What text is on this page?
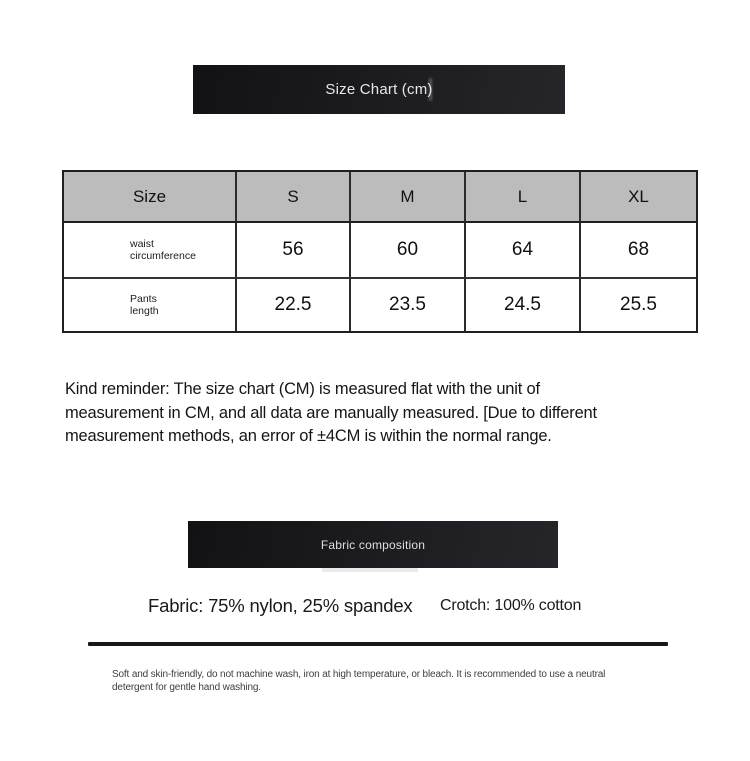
Size Chart (cm)
Size	S	M	L	XL
waist
circumference	56	60	64	68
Pants
length	22.5	23.5	24.5	25.5
Kind reminder: The size chart (CM) is measured flat with the unit of
measurement in CM, and all data are manually measured. [Due to different
measurement methods, an error of ±4CM is within the normal range.
Fabric composition
Fabric: 75% nylon, 25% spandex Crotch: 100% cotton
Soft and skin-friendly, do not machine wash, iron at high temperature, or bleach. It is recommended to use a neutral
detergent for gentle hand washing.
